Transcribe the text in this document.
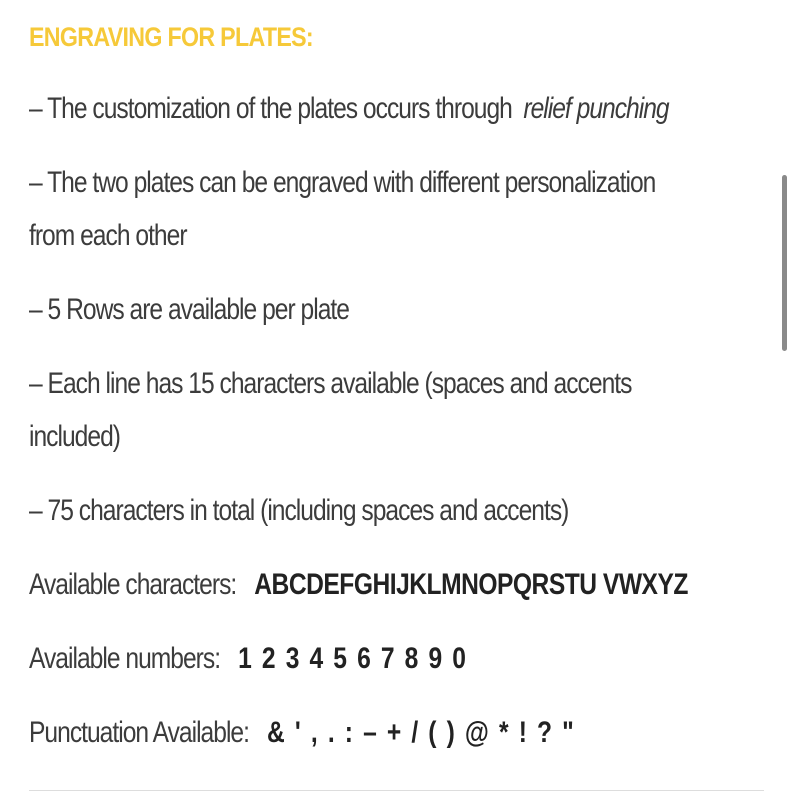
ENGRAVING FOR PLATES:
– The customization of the plates occurs through relief punching
– The two plates can be engraved with different personalization
from each other
– 5 Rows are available per plate
– Each line has 15 characters available (spaces and accents
included)
– 75 characters in total (including spaces and accents)
Available characters: ABCDEFGHIJKLMNOPQRSTU VWXYZ
Available numbers: 1 2 3 4 5 6 7 8 9 0
Punctuation Available: & ' , . : – + / ( ) @ * ! ? "
